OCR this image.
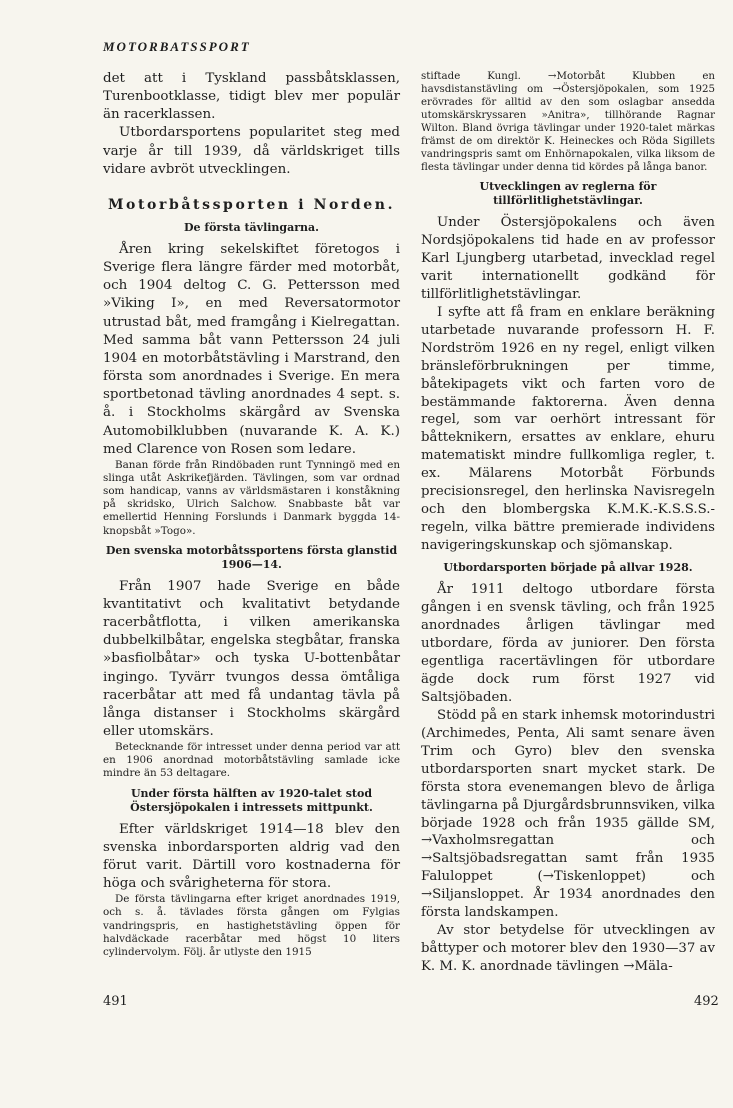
MOTORBATSSPORT

det att i Tyskland passbåtsklassen, Turenbootklasse, tidigt blev mer populär än racerklassen.

Utbordarsportens popularitet steg med varje år till 1939, då världskriget tills vidare avbröt utvecklingen.

Motorbåtssporten i Norden.
De första tävlingarna.

Åren kring sekelskiftet företogos i Sverige flera längre färder med motorbåt, och 1904 deltog C. G. Pettersson med »Viking I», en med Reversatormotor utrustad båt, med framgång i Kielregattan. Med samma båt vann Pettersson 24 juli 1904 en motorbåtstävling i Marstrand, den första som anordnades i Sverige. En mera sportbetonad tävling anordnades 4 sept. s. å. i Stockholms skärgård av Svenska Automobilklubben (nuvarande K. A. K.) med Clarence von Rosen som ledare.

Banan förde från Rindöbaden runt Tynningö med en slinga utåt Askrikefjärden. Tävlingen, som var ordnad som handicap, vanns av världsmästaren i konståkning på skridsko, Ulrich Salchow. Snabbaste båt var emellertid Henning Forslunds i Danmark byggda 14-knopsbåt »Togo».

Den svenska motorbåtssportens första glanstid 1906—14.

Från 1907 hade Sverige en både kvantitativt och kvalitativt betydande racerbåtflotta, i vilken amerikanska dubbelkilbåtar, engelska stegbåtar, franska »basfiolbåtar» och tyska U-bottenbåtar ingingo. Tyvärr tvungos dessa ömtåliga racerbåtar att med få undantag tävla på långa distanser i Stockholms skärgård eller utomskärs.

Betecknande för intresset under denna period var att en 1906 anordnad motorbåtstävling samlade icke mindre än 53 deltagare.

Under första hälften av 1920-talet stod Östersjöpokalen i intressets mittpunkt.

Efter världskriget 1914—18 blev den svenska inbordarsporten aldrig vad den förut varit. Därtill voro kostnaderna för höga och svårigheterna för stora.

De första tävlingarna efter kriget anordnades 1919, och s. å. tävlades första gången om Fylgias vandringspris, en hastighetstävling öppen för halvdäckade racerbåtar med högst 10 liters cylindervolym. Följ. år utlyste den 1915

stiftade Kungl. →Motorbåt Klubben en havsdistanstävling om →Östersjöpokalen, som 1925 erövrades för alltid av den som oslagbar ansedda utomskärskryssaren »Anitra», tillhörande Ragnar Wilton. Bland övriga tävlingar under 1920-talet märkas främst de om direktör K. Heineckes och Röda Sigillets vandringspris samt om Enhörnapokalen, vilka liksom de flesta tävlingar under denna tid kördes på långa banor.

Utvecklingen av reglerna för tillförlitlighetstävlingar.

Under Östersjöpokalens och även Nordsjöpokalens tid hade en av professor Karl Ljungberg utarbetad, invecklad regel varit internationellt godkänd för tillförlitlighetstävlingar.

I syfte att få fram en enklare beräkning utarbetade nuvarande professorn H. F. Nordström 1926 en ny regel, enligt vilken bränsleförbrukningen per timme, båtekipagets vikt och farten voro de bestämmande faktorerna. Även denna regel, som var oerhört intressant för båtteknikern, ersattes av enklare, ehuru matematiskt mindre fullkomliga regler, t. ex. Mälarens Motorbåt Förbunds precisionsregel, den herlinska Navisregeln och den blombergska K.M.K.-K.S.S.S.-regeln, vilka bättre premierade individens navigeringskunskap och sjömanskap.

Utbordarsporten började på allvar 1928.

År 1911 deltogo utbordare första gången i en svensk tävling, och från 1925 anordnades årligen tävlingar med utbordare, förda av juniorer. Den första egentliga racertävlingen för utbordare ägde dock rum först 1927 vid Saltsjöbaden.

Stödd på en stark inhemsk motorindustri (Archimedes, Penta, Ali samt senare även Trim och Gyro) blev den svenska utbordarsporten snart mycket stark. De första stora evenemangen blevo de årliga tävlingarna på Djurgårdsbrunnsviken, vilka började 1928 och från 1935 gällde SM, →Vaxholmsregattan och →Saltsjöbadsregattan samt från 1935 Faluloppet (→Tiskenloppet) och →Siljansloppet. År 1934 anordnades den första landskampen.

Av stor betydelse för utvecklingen av båttyper och motorer blev den 1930—37 av K. M. K. anordnade tävlingen →Mäla-

491	492
